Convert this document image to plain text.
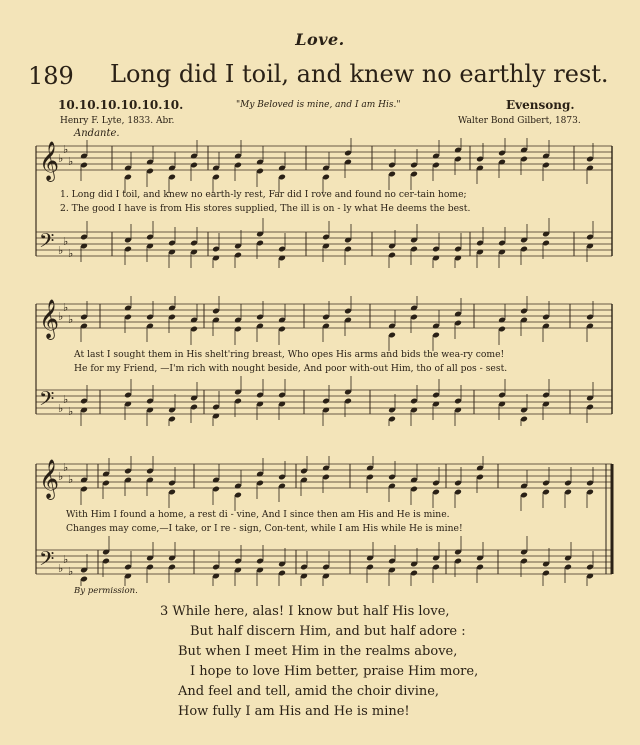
Love.
189 Long did I toil, and knew no earthly rest.
10.10.10.10.10.10.	"My Beloved is mine, and I am His."	Evensong.
Henry F. Lyte, 1833. Abr.	Walter Bond Gilbert, 1873.
Andante.
𝄞
𝄢
♭
♭
♭
♭
♭
♭
1. Long did I toil, and knew no earth-ly rest, Far did I rove and found no cer-tain home;
2. The good I have is from His stores supplied, The ill is on - ly what He deems the best.
𝄞
𝄢
♭
♭
♭
♭
♭
♭
At last I sought them in His shelt'ring breast, Who opes His arms and bids the wea-ry come!
He for my Friend, —I'm rich with nought beside, And poor with-out Him, tho of all pos - sest.
𝄞
𝄢
♭
♭
♭
♭
♭
♭
With Him I found a home, a rest di - vine, And I since then am His and He is mine.
Changes may come,—I take, or I re - sign, Con-tent, while I am His while He is mine!
By permission.
3 While here, alas! I know but half His love,
But half discern Him, and but half adore :
But when I meet Him in the realms above,
I hope to love Him better, praise Him more,
And feel and tell, amid the choir divine,
How fully I am His and He is mine!
